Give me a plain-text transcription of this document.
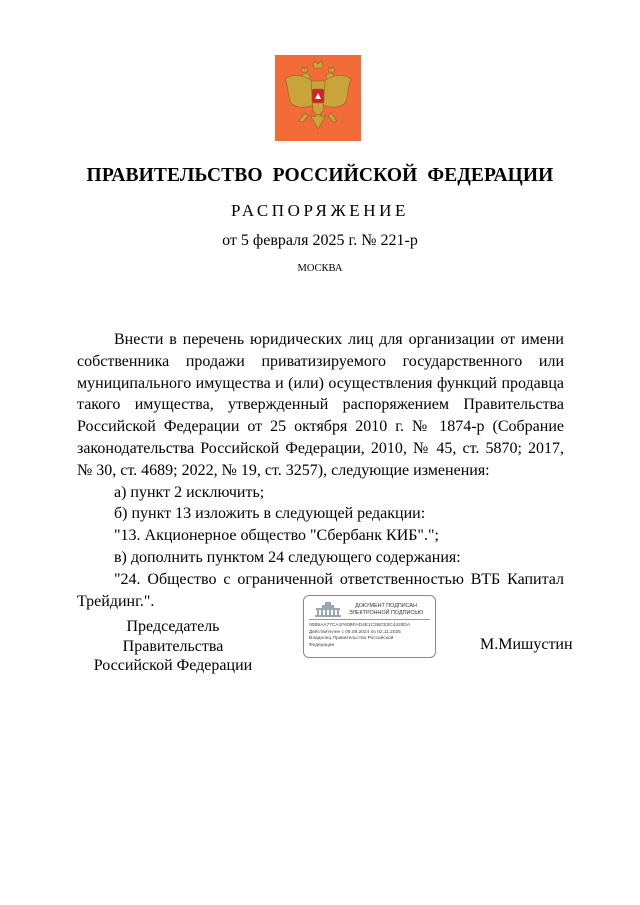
ПРАВИТЕЛЬСТВО РОССИЙСКОЙ ФЕДЕРАЦИИ
РАСПОРЯЖЕНИЕ
от 5 февраля 2025 г. № 221-р
МОСКВА

Внести в перечень юридических лиц для организации от имени собственника продажи приватизируемого государственного или муниципального имущества и (или) осуществления функций продавца такого имущества, утвержденный распоряжением Правительства Российской Федерации от 25 октября 2010 г. № 1874-р (Собрание законодательства Российской Федерации, 2010, № 45, ст. 5870; 2017, № 30, ст. 4689; 2022, № 19, ст. 3257), следующие изменения:

а) пункт 2 исключить;

б) пункт 13 изложить в следующей редакции:

"13. Акционерное общество "Сбербанк КИБ".";

в) дополнить пунктом 24 следующего содержания:

"24. Общество с ограниченной ответственностью ВТБ Капитал Трейдинг.".

Председатель Правительства
Российской Федерации
ДОКУМЕНТ ПОДПИСАН
ЭЛЕКТРОННОЙ ПОДПИСЬЮ
00B5AA77CA1F60BFAD4E1C3BCE2C4428DA
Действителен с 09.08.2024 по 02.11.2025
Владелец Правительство Российской
Федерации	М.Мишустин
